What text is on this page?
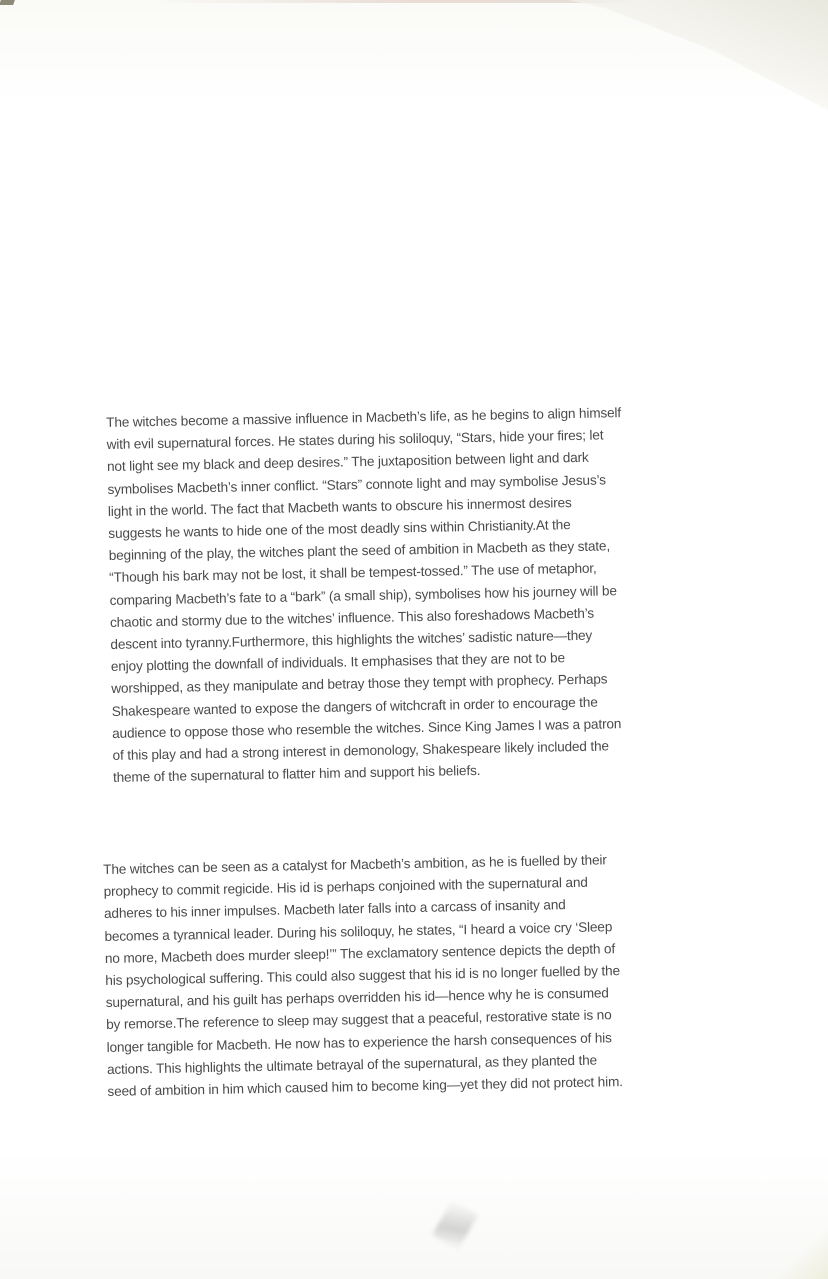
The witches become a massive influence in Macbeth’s life, as he begins to align himself
with evil supernatural forces. He states during his soliloquy, “Stars, hide your fires; let
not light see my black and deep desires.” The juxtaposition between light and dark
symbolises Macbeth’s inner conflict. “Stars” connote light and may symbolise Jesus’s
light in the world. The fact that Macbeth wants to obscure his innermost desires
suggests he wants to hide one of the most deadly sins within Christianity.At the
beginning of the play, the witches plant the seed of ambition in Macbeth as they state,
“Though his bark may not be lost, it shall be tempest-tossed.” The use of metaphor,
comparing Macbeth’s fate to a “bark” (a small ship), symbolises how his journey will be
chaotic and stormy due to the witches’ influence. This also foreshadows Macbeth’s
descent into tyranny.Furthermore, this highlights the witches’ sadistic nature—they
enjoy plotting the downfall of individuals. It emphasises that they are not to be
worshipped, as they manipulate and betray those they tempt with prophecy. Perhaps
Shakespeare wanted to expose the dangers of witchcraft in order to encourage the
audience to oppose those who resemble the witches. Since King James I was a patron
of this play and had a strong interest in demonology, Shakespeare likely included the
theme of the supernatural to flatter him and support his beliefs.

The witches can be seen as a catalyst for Macbeth’s ambition, as he is fuelled by their
prophecy to commit regicide. His id is perhaps conjoined with the supernatural and
adheres to his inner impulses. Macbeth later falls into a carcass of insanity and
becomes a tyrannical leader. During his soliloquy, he states, “I heard a voice cry ‘Sleep
no more, Macbeth does murder sleep!’” The exclamatory sentence depicts the depth of
his psychological suffering. This could also suggest that his id is no longer fuelled by the
supernatural, and his guilt has perhaps overridden his id—hence why he is consumed
by remorse.The reference to sleep may suggest that a peaceful, restorative state is no
longer tangible for Macbeth. He now has to experience the harsh consequences of his
actions. This highlights the ultimate betrayal of the supernatural, as they planted the
seed of ambition in him which caused him to become king—yet they did not protect him.
